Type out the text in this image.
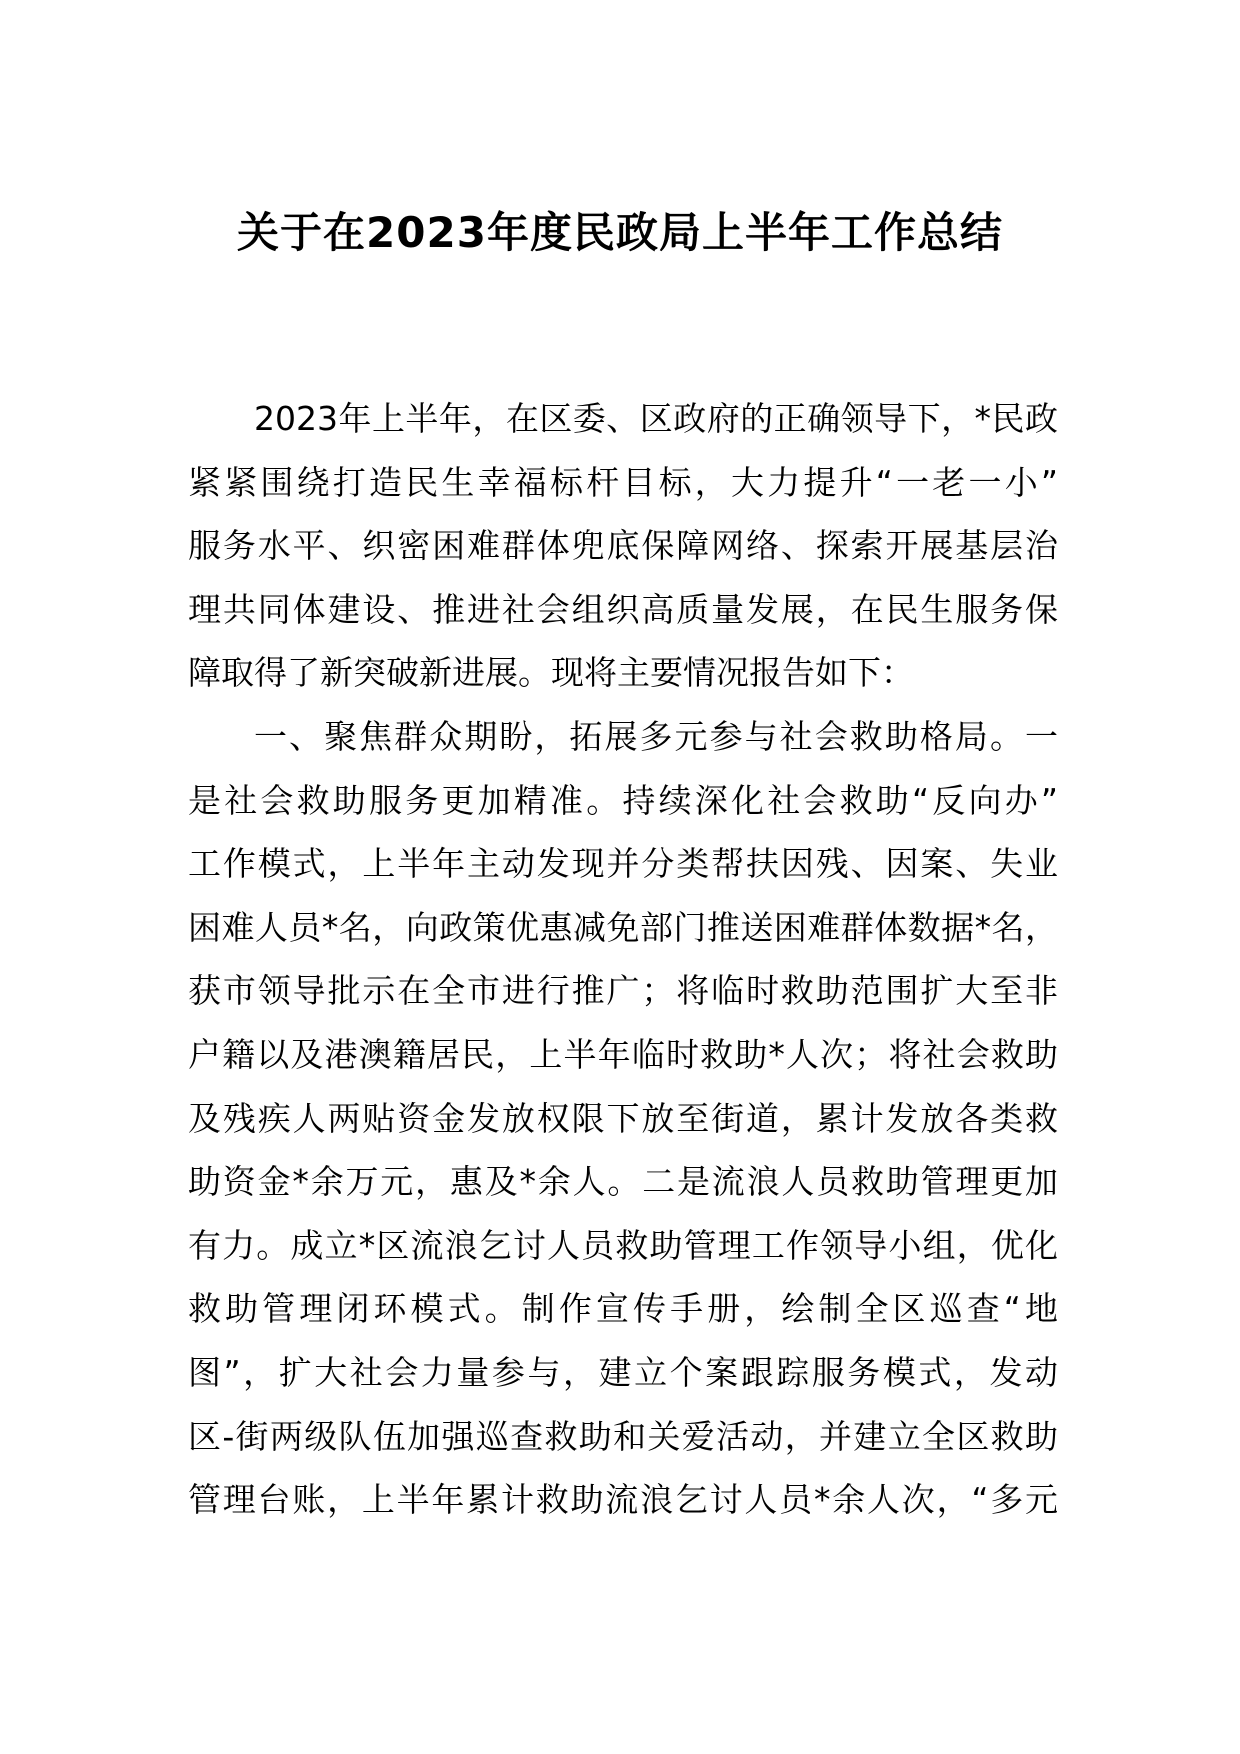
关于在2023年度民政局上半年工作总结
2023年上半年，在区委、区政府的正确领导下，*民政
紧紧围绕打造民生幸福标杆目标，大力提升“一老一小”
服务水平、织密困难群体兜底保障网络、探索开展基层治
理共同体建设、推进社会组织高质量发展，在民生服务保
障取得了新突破新进展。现将主要情况报告如下：
一、聚焦群众期盼，拓展多元参与社会救助格局。一
是社会救助服务更加精准。持续深化社会救助“反向办”
工作模式，上半年主动发现并分类帮扶因残、因案、失业
困难人员*名，向政策优惠减免部门推送困难群体数据*名，
获市领导批示在全市进行推广；将临时救助范围扩大至非
户籍以及港澳籍居民，上半年临时救助*人次；将社会救助
及残疾人两贴资金发放权限下放至街道，累计发放各类救
助资金*余万元，惠及*余人。二是流浪人员救助管理更加
有力。成立*区流浪乞讨人员救助管理工作领导小组，优化
救助管理闭环模式。制作宣传手册，绘制全区巡查“地
图”，扩大社会力量参与，建立个案跟踪服务模式，发动
区-街两级队伍加强巡查救助和关爱活动，并建立全区救助
管理台账，上半年累计救助流浪乞讨人员*余人次，“多元
